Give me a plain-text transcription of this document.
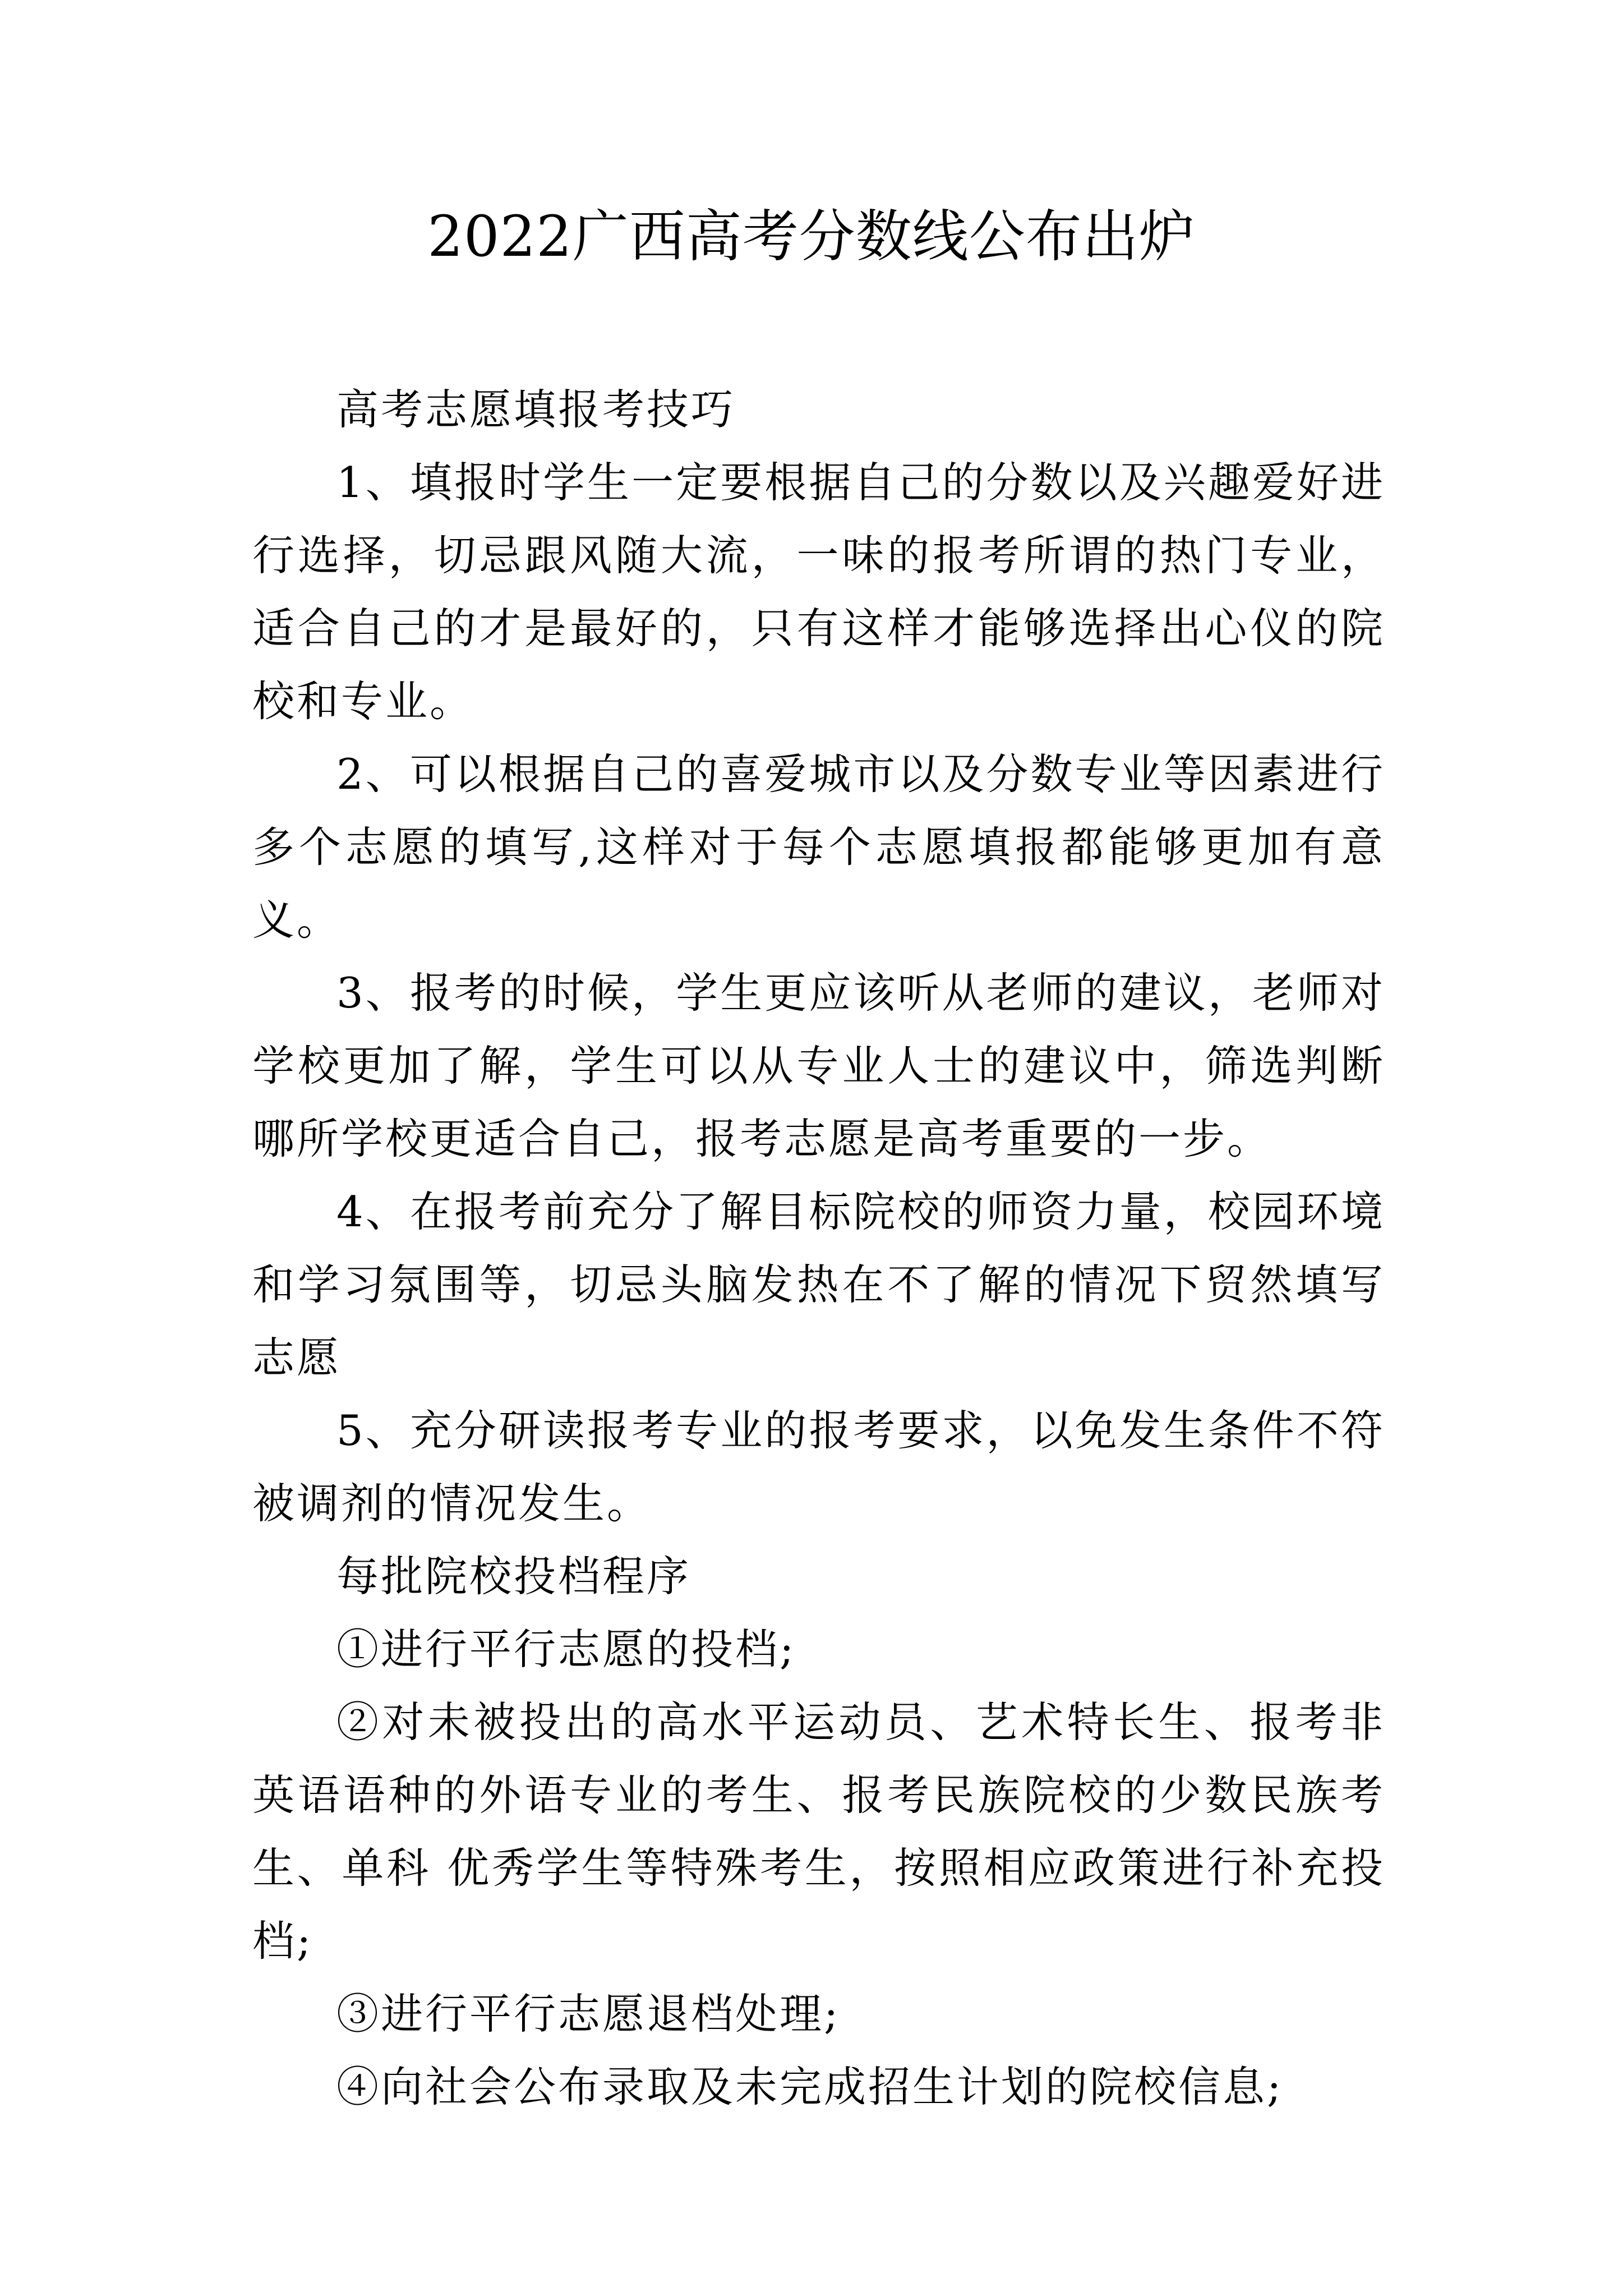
2022广西高考分数线公布出炉

高考志愿填报考技巧

1、填报时学生一定要根据自己的分数以及兴趣爱好进行选择，切忌跟风随大流，一味的报考所谓的热门专业，适合自己的才是最好的，只有这样才能够选择出心仪的院校和专业。

2、可以根据自己的喜爱城市以及分数专业等因素进行多个志愿的填写,这样对于每个志愿填报都能够更加有意义。

3、报考的时候，学生更应该听从老师的建议，老师对学校更加了解，学生可以从专业人士的建议中，筛选判断哪所学校更适合自己，报考志愿是高考重要的一步。

4、在报考前充分了解目标院校的师资力量，校园环境和学习氛围等，切忌头脑发热在不了解的情况下贸然填写志愿

5、充分研读报考专业的报考要求，以免发生条件不符被调剂的情况发生。

每批院校投档程序

①进行平行志愿的投档;

②对未被投出的高水平运动员、艺术特长生、报考非英语语种的外语专业的考生、报考民族院校的少数民族考生、单科 优秀学生等特殊考生，按照相应政策进行补充投档;

③进行平行志愿退档处理;

④向社会公布录取及未完成招生计划的院校信息;
